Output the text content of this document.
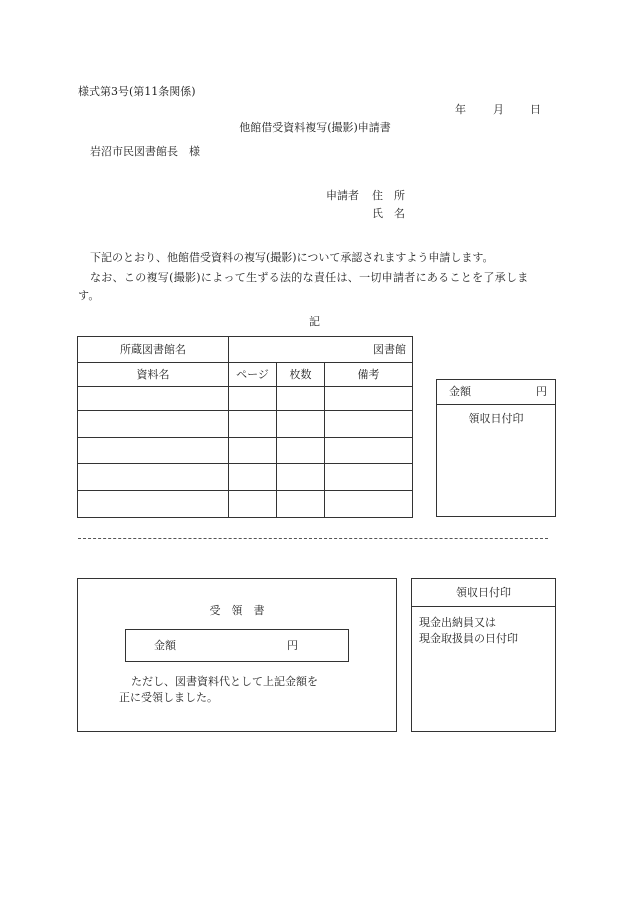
様式第3号(第11条関係)
年 月 日
他館借受資料複写(撮影)申請書
岩沼市民図書館長　様
申請者 住　所
氏　名
下記のとおり、他館借受資料の複写(撮影)について承認されますよう申請します。
なお、この複写(撮影)によって生ずる法的な責任は、一切申請者にあることを了承します。
記
所蔵図書館名	図書館		
資料名	ページ	枚数	備考

金額	円
領収日付印
受　領　書
金額	円
ただし、図書資料代として上記金額を
正に受領しました。
領収日付印
現金出納員又は
現金取扱員の日付印
